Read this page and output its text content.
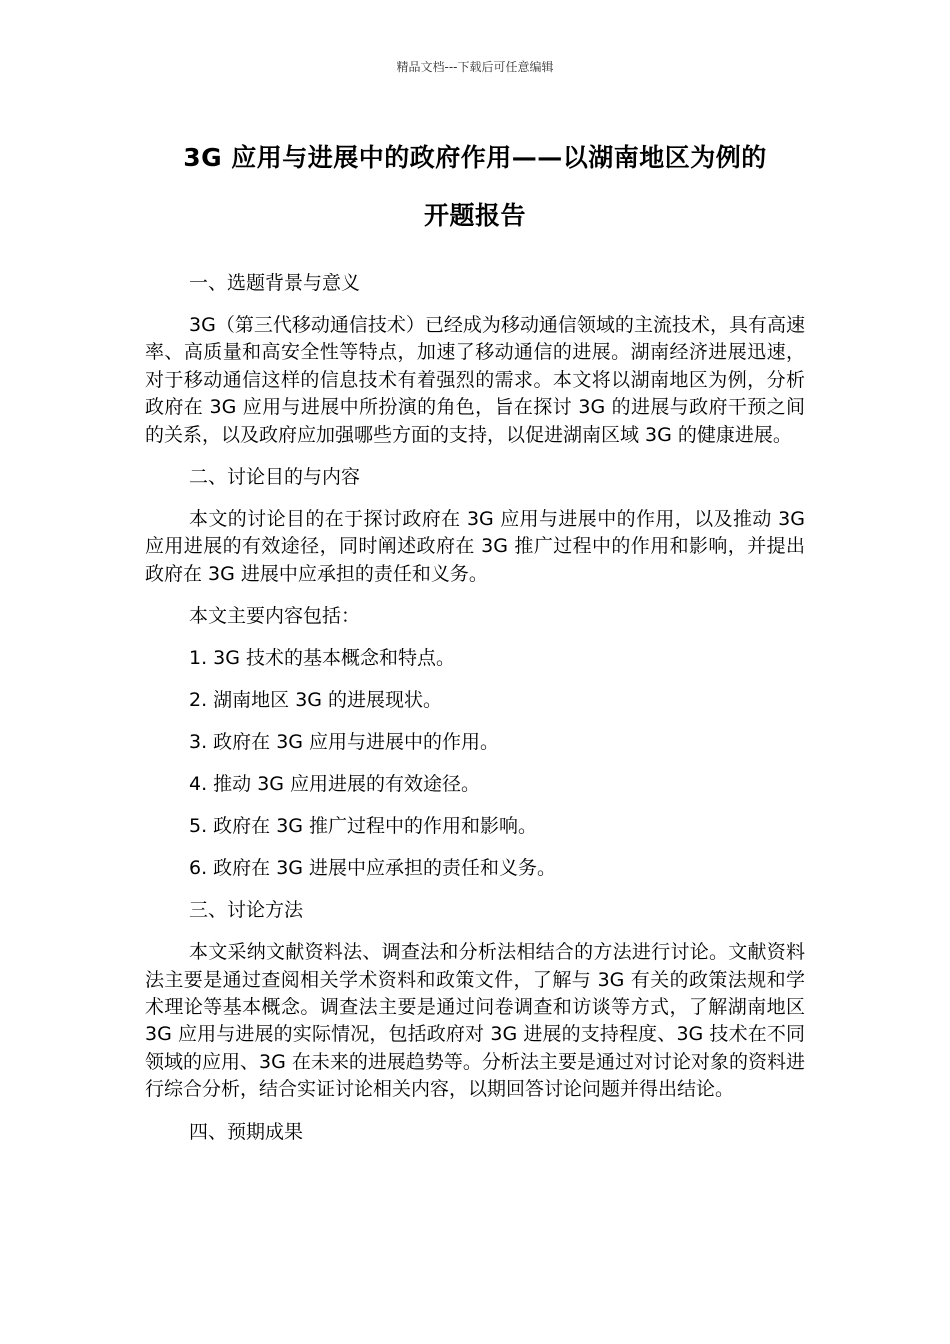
精品文档---下载后可任意编辑
3G 应用与进展中的政府作用——以湖南地区为例的
开题报告
一、选题背景与意义
3G（第三代移动通信技术）已经成为移动通信领域的主流技术，具有高速率、高质量和高安全性等特点，加速了移动通信的进展。湖南经济进展迅速，对于移动通信这样的信息技术有着强烈的需求。本文将以湖南地区为例，分析政府在 3G 应用与进展中所扮演的角色，旨在探讨 3G 的进展与政府干预之间的关系，以及政府应加强哪些方面的支持，以促进湖南区域 3G 的健康进展。
二、讨论目的与内容
本文的讨论目的在于探讨政府在 3G 应用与进展中的作用，以及推动 3G 应用进展的有效途径，同时阐述政府在 3G 推广过程中的作用和影响，并提出政府在 3G 进展中应承担的责任和义务。
本文主要内容包括：
1. 3G 技术的基本概念和特点。
2. 湖南地区 3G 的进展现状。
3. 政府在 3G 应用与进展中的作用。
4. 推动 3G 应用进展的有效途径。
5. 政府在 3G 推广过程中的作用和影响。
6. 政府在 3G 进展中应承担的责任和义务。
三、讨论方法
本文采纳文献资料法、调查法和分析法相结合的方法进行讨论。文献资料法主要是通过查阅相关学术资料和政策文件，了解与 3G 有关的政策法规和学术理论等基本概念。调查法主要是通过问卷调查和访谈等方式，了解湖南地区 3G 应用与进展的实际情况，包括政府对 3G 进展的支持程度、3G 技术在不同领域的应用、3G 在未来的进展趋势等。分析法主要是通过对讨论对象的资料进行综合分析，结合实证讨论相关内容，以期回答讨论问题并得出结论。
四、预期成果
